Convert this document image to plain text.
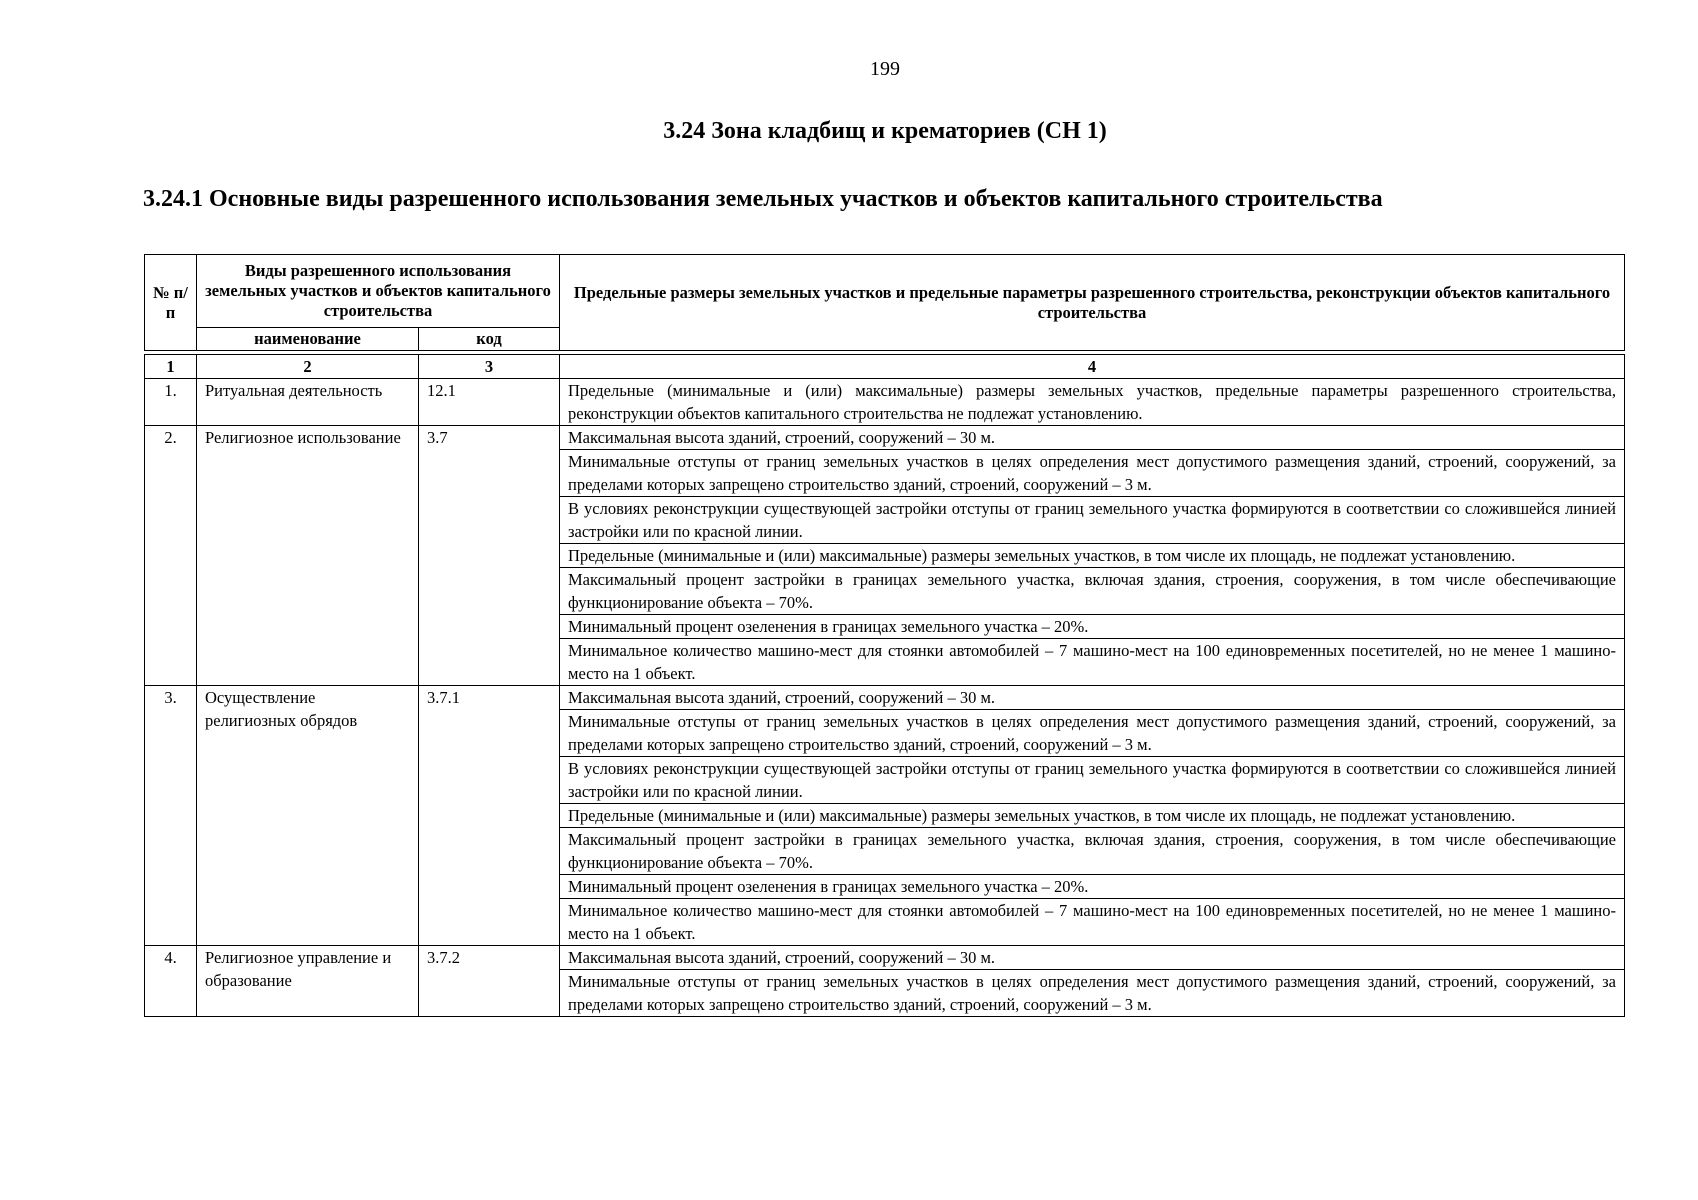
199
3.24 Зона кладбищ и крематориев (СН 1)
3.24.1 Основные виды разрешенного использования земельных участков и объектов капитального строительства
№ п/п	Виды разрешенного использования земельных участков и объектов капитального строительства		Предельные размеры земельных участков и предельные параметры разрешенного строительства, реконструкции объектов капитального строительства
	наименование	код	

1	2	3	4
1.	Ритуальная деятельность	12.1	Предельные (минимальные и (или) максимальные) размеры земельных участков, предельные параметры разрешенного строительства, реконструкции объектов капитального строительства не подлежат установлению.
2.	Религиозное использование	3.7	Максимальная высота зданий, строений, сооружений – 30 м.
			Минимальные отступы от границ земельных участков в целях определения мест допустимого размещения зданий, строений, сооружений, за пределами которых запрещено строительство зданий, строений, сооружений – 3 м.
			В условиях реконструкции существующей застройки отступы от границ земельного участка формируются в соответствии со сложившейся линией застройки или по красной линии.
			Предельные (минимальные и (или) максимальные) размеры земельных участков, в том числе их площадь, не подлежат установлению.
			Максимальный процент застройки в границах земельного участка, включая здания, строения, сооружения, в том числе обеспечивающие функционирование объекта – 70%.
			Минимальный процент озеленения в границах земельного участка – 20%.
			Минимальное количество машино-мест для стоянки автомобилей – 7 машино-мест на 100 единовременных посетителей, но не менее 1 машино-место на 1 объект.
3.	Осуществление религиозных обрядов	3.7.1	Максимальная высота зданий, строений, сооружений – 30 м.
			Минимальные отступы от границ земельных участков в целях определения мест допустимого размещения зданий, строений, сооружений, за пределами которых запрещено строительство зданий, строений, сооружений – 3 м.
			В условиях реконструкции существующей застройки отступы от границ земельного участка формируются в соответствии со сложившейся линией застройки или по красной линии.
			Предельные (минимальные и (или) максимальные) размеры земельных участков, в том числе их площадь, не подлежат установлению.
			Максимальный процент застройки в границах земельного участка, включая здания, строения, сооружения, в том числе обеспечивающие функционирование объекта – 70%.
			Минимальный процент озеленения в границах земельного участка – 20%.
			Минимальное количество машино-мест для стоянки автомобилей – 7 машино-мест на 100 единовременных посетителей, но не менее 1 машино-место на 1 объект.
4.	Религиозное управление и образование	3.7.2	Максимальная высота зданий, строений, сооружений – 30 м.
			Минимальные отступы от границ земельных участков в целях определения мест допустимого размещения зданий, строений, сооружений, за пределами которых запрещено строительство зданий, строений, сооружений – 3 м.
